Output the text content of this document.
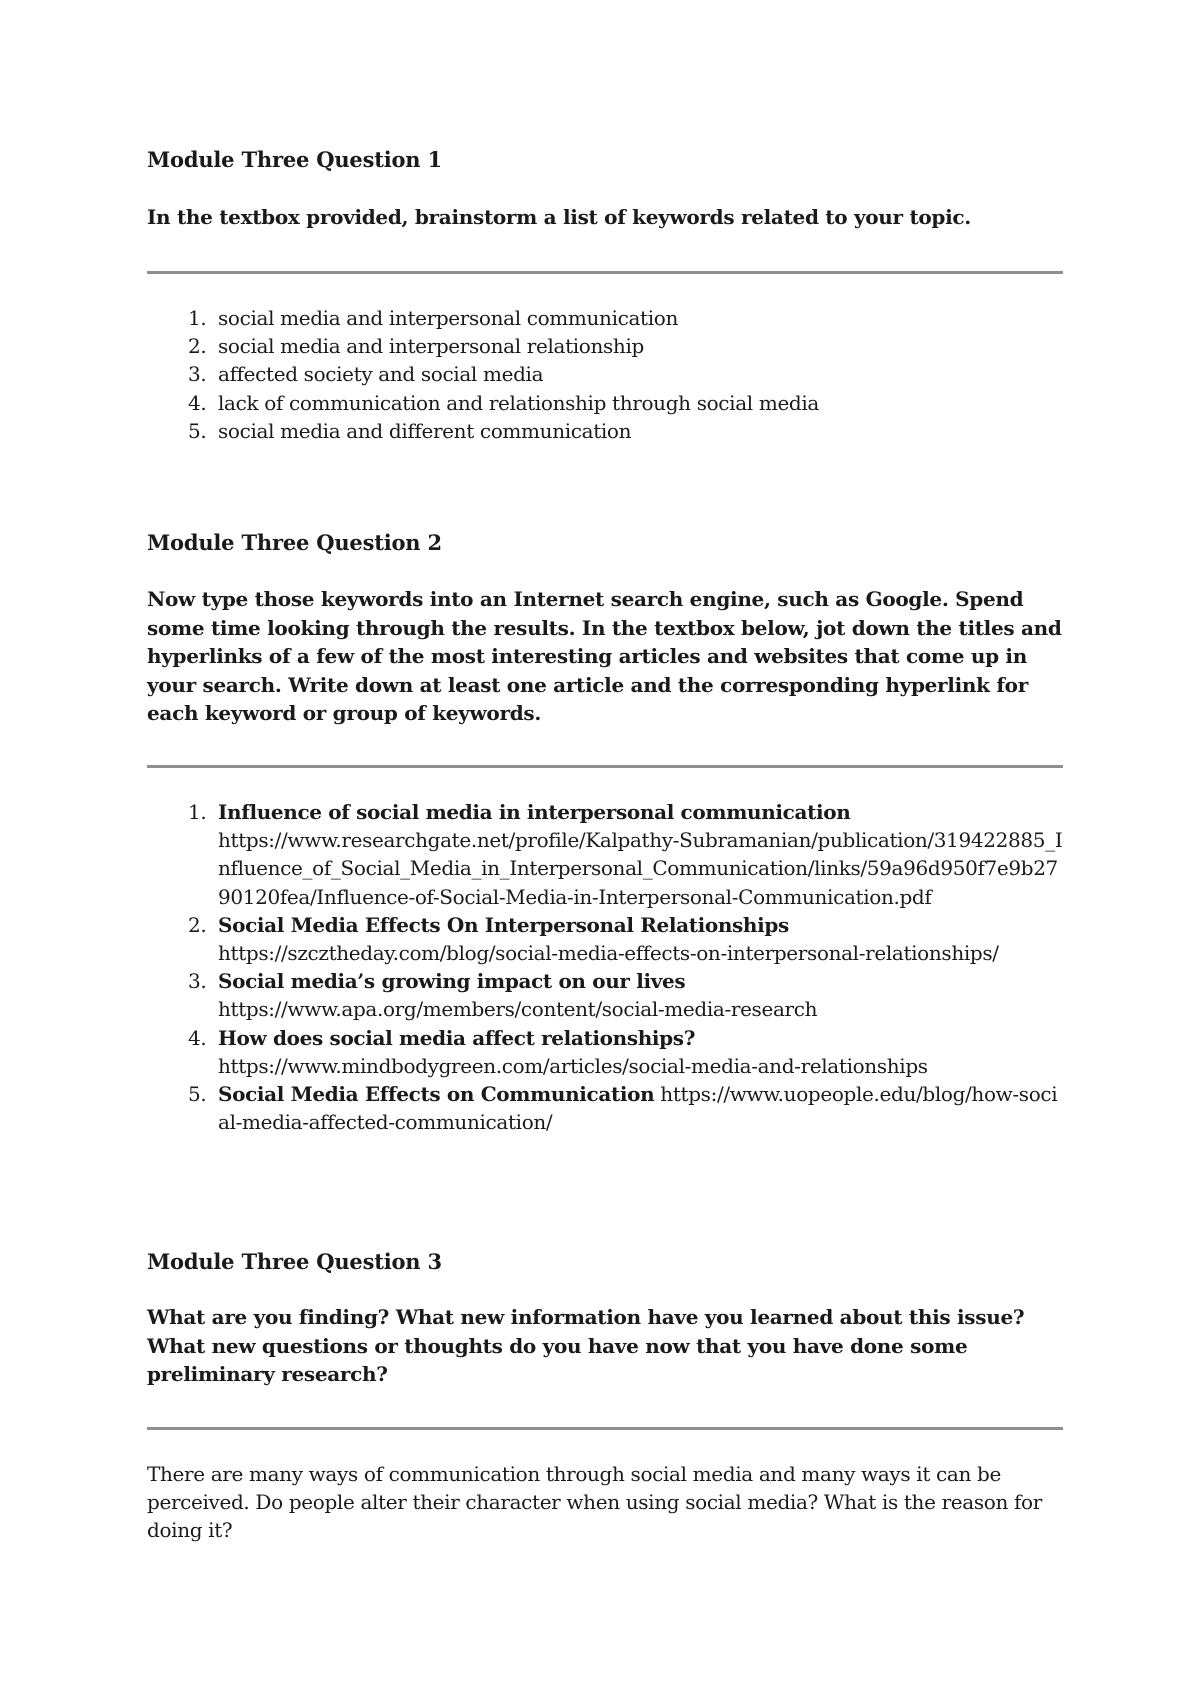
Module Three Question 1

In the textbox provided, brainstorm a list of keywords related to your topic.

1. social media and interpersonal communication
2. social media and interpersonal relationship
3. affected society and social media
4. lack of communication and relationship through social media
5. social media and different communication
Module Three Question 2

Now type those keywords into an Internet search engine, such as Google. Spend some time looking through the results. In the textbox below, jot down the titles and hyperlinks of a few of the most interesting articles and websites that come up in your search. Write down at least one article and the corresponding hyperlink for each keyword or group of keywords.

1. Influence of social media in interpersonal communication
https://www.researchgate.net/profile/Kalpathy-Subramanian/publication/319422885_Influence_of_Social_Media_in_Interpersonal_Communication/links/59a96d950f7e9b2790120fea/Influence-of-Social-Media-in-Interpersonal-Communication.pdf
2. Social Media Effects On Interpersonal Relationships
https://szcztheday.com/blog/social-media-effects-on-interpersonal-relationships/
3. Social media’s growing impact on our lives
https://www.apa.org/members/content/social-media-research
4. How does social media affect relationships?
https://www.mindbodygreen.com/articles/social-media-and-relationships
5. Social Media Effects on Communication https://www.uopeople.edu/blog/how-social-media-affected-communication/
Module Three Question 3

What are you finding? What new information have you learned about this issue? What new questions or thoughts do you have now that you have done some preliminary research?

There are many ways of communication through social media and many ways it can be perceived. Do people alter their character when using social media? What is the reason for doing it?
